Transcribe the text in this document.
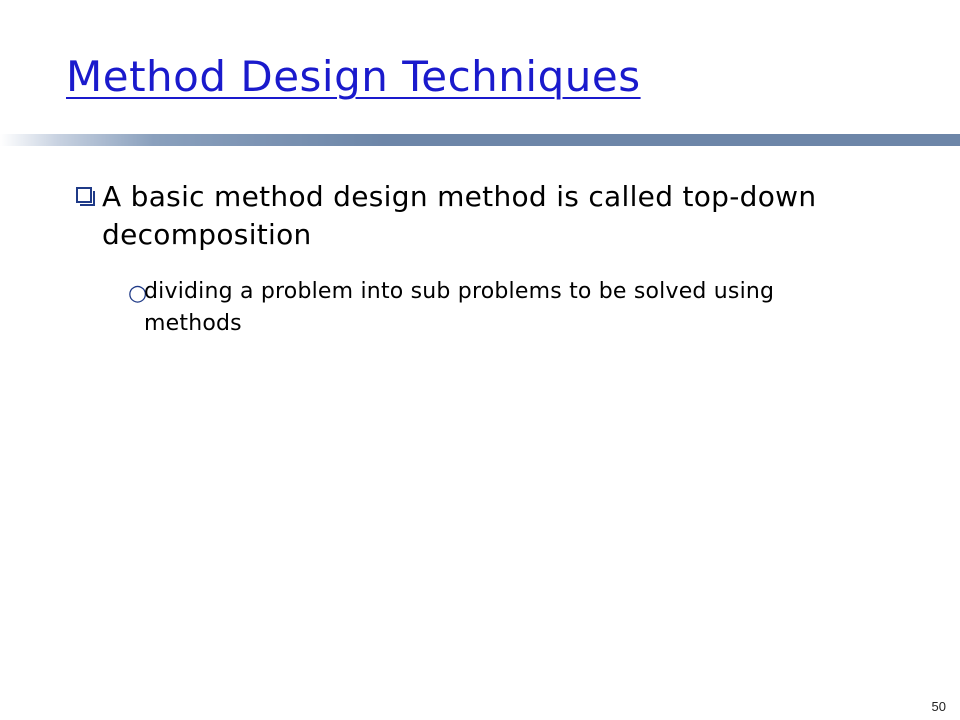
Method Design Techniques
A basic method design method is called top-down decomposition
○
dividing a problem into sub problems to be solved using methods
50
